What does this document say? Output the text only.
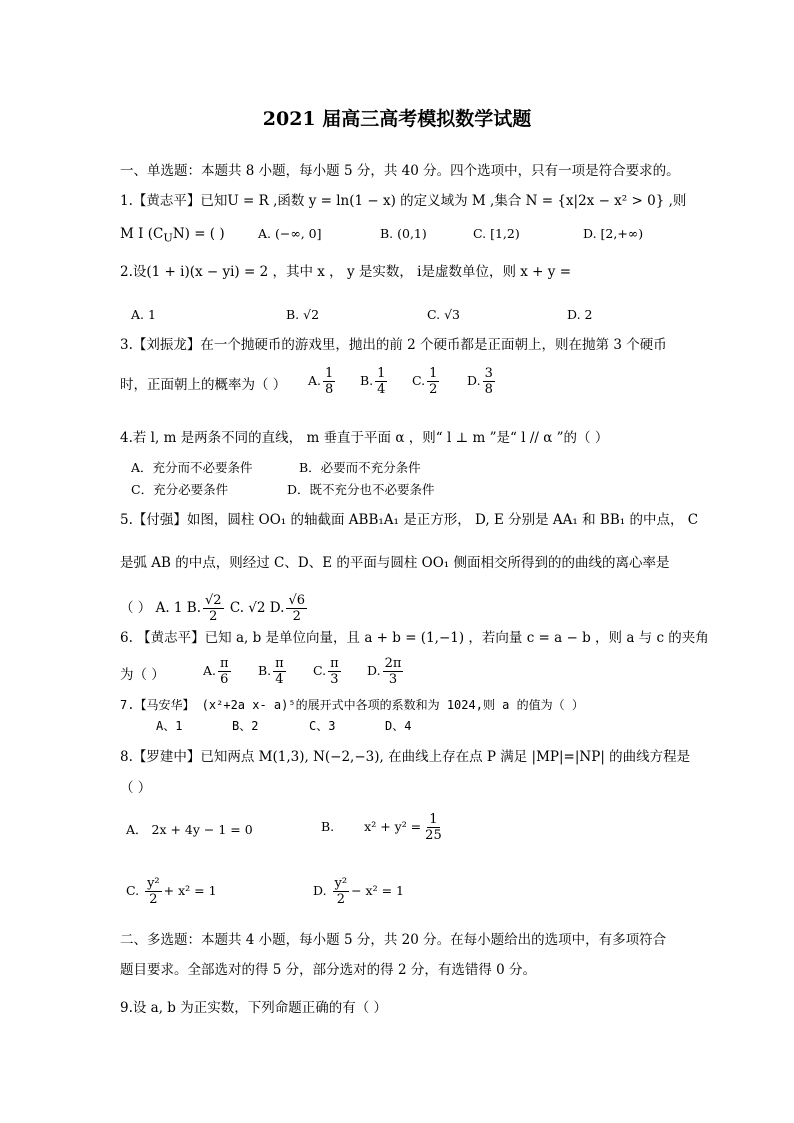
2021 届高三高考模拟数学试题
一、单选题：本题共 8 小题，每小题 5 分，共 40 分。四个选项中，只有一项是符合要求的。
1.【黄志平】已知U = R ,函数 y = ln(1 − x) 的定义域为 M ,集合 N = {x|2x − x² > 0} ,则
M I $(C_UN)$ = ( )	A. (−∞, 0]	B. (0,1)	C. [1,2)	D. [2,+∞)
2.设(1 + i)(x − yi) = 2 ，其中 x ， y 是实数， i是虚数单位，则 x + y =
A. 1	B. √2	C. √3	D. 2
3.【刘振龙】在一个抛硬币的游戏里，抛出的前 2 个硬币都是正面朝上，则在抛第 3 个硬币
时，正面朝上的概率为（ ） A. $\frac{1}{8} B$. $\frac{1}{4} C$. $\frac{1}{2} D$. $\frac{3}{8}$
4.若 l, m 是两条不同的直线， m 垂直于平面 α ，则“ l ⊥ m ”是“ l // α ”的（ ）
A．充分而不必要条件	B．必要而不充分条件
C．充分必要条件	D．既不充分也不必要条件
5.【付强】如图，圆柱 OO₁ 的轴截面 ABB₁A₁ 是正方形， D, E 分别是 AA₁ 和 BB₁ 的中点， C
是弧 AB 的中点，则经过 C、D、E 的平面与圆柱 OO₁ 侧面相交所得到的的曲线的离心率是
（ ） A. 1 B. $\frac{√2}{2} C$. √2 D. $\frac{√6}{2}$
6. 【黄志平】已知 a, b 是单位向量，且 a + b = (1,−1) ，若向量 c = a − b ，则 a 与 c 的夹角
为（ ）	A. $\frac{\pi}{6} B$. $\frac{\pi}{4} C$. $\frac{\pi}{3} D$. $\frac{2\pi}{3}$
7.【马安华】 (x²+2a x- a)⁵的展开式中各项的系数和为 1024,则 a 的值为（ ）
A、1	B、2	C、3	D、4
8.【罗建中】已知两点 M(1,3), N(−2,−3), 在曲线上存在点 P 满足 |MP|=|NP| 的曲线方程是
（ ）
A． 2x + 4y − 1 = 0	B. $x^2 + y^2 = \frac{1}{25}$
C. $\frac{\text{y²}}{2} + x^2 = 1$	D. $\frac{\text{y²}}{2} - x^2 = 1$
二、多选题：本题共 4 小题，每小题 5 分，共 20 分。在每小题给出的选项中，有多项符合
题目要求。全部选对的得 5 分，部分选对的得 2 分，有选错得 0 分。
9.设 a, b 为正实数，下列命题正确的有（ ）
